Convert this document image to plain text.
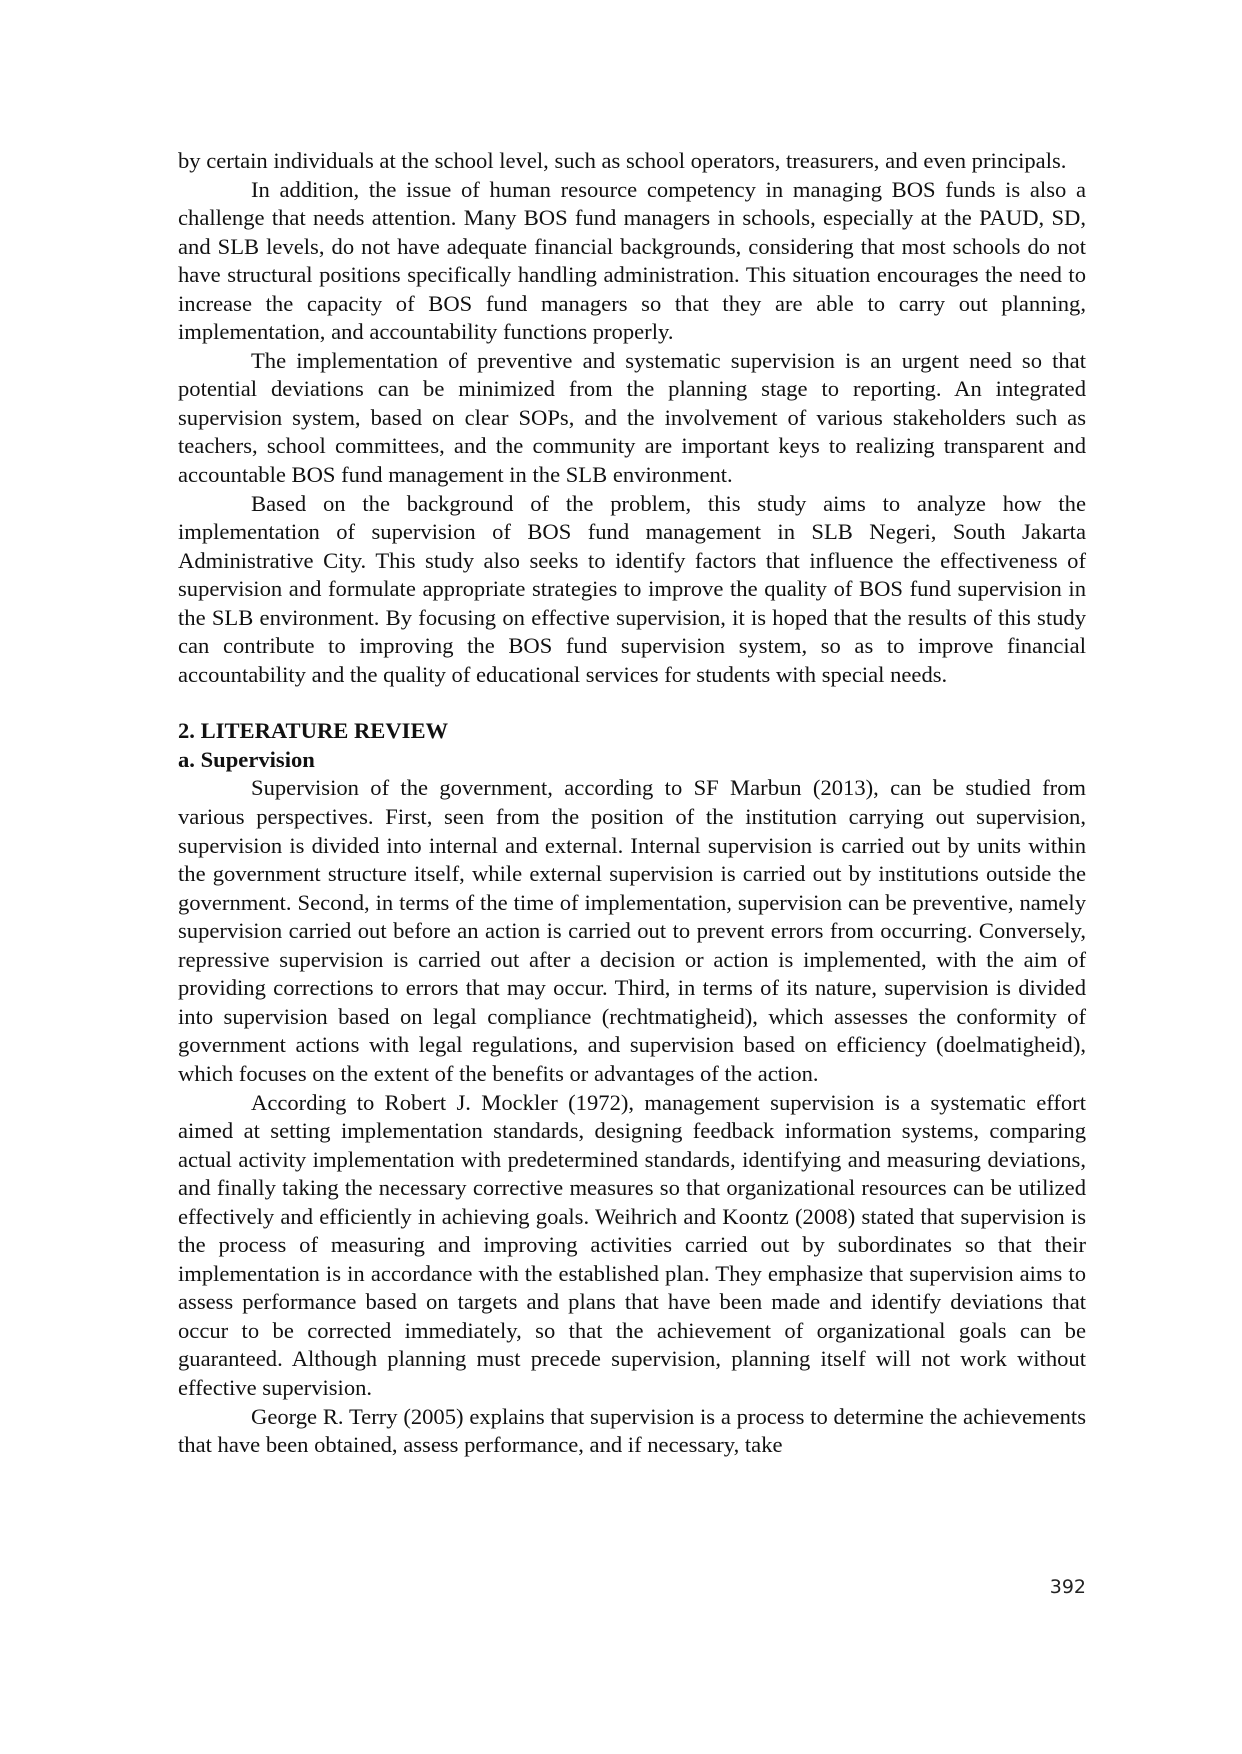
by certain individuals at the school level, such as school operators, treasurers, and even principals.

In addition, the issue of human resource competency in managing BOS funds is also a challenge that needs attention. Many BOS fund managers in schools, especially at the PAUD, SD, and SLB levels, do not have adequate financial backgrounds, considering that most schools do not have structural positions specifically handling administration. This situation encourages the need to increase the capacity of BOS fund managers so that they are able to carry out planning, implementation, and accountability functions properly.

The implementation of preventive and systematic supervision is an urgent need so that potential deviations can be minimized from the planning stage to reporting. An integrated supervision system, based on clear SOPs, and the involvement of various stakeholders such as teachers, school committees, and the community are important keys to realizing transparent and accountable BOS fund management in the SLB environment.

Based on the background of the problem, this study aims to analyze how the implementation of supervision of BOS fund management in SLB Negeri, South Jakarta Administrative City. This study also seeks to identify factors that influence the effectiveness of supervision and formulate appropriate strategies to improve the quality of BOS fund supervision in the SLB environment. By focusing on effective supervision, it is hoped that the results of this study can contribute to improving the BOS fund supervision system, so as to improve financial accountability and the quality of educational services for students with special needs.

2. LITERATURE REVIEW

a. Supervision

Supervision of the government, according to SF Marbun (2013), can be studied from various perspectives. First, seen from the position of the institution carrying out supervision, supervision is divided into internal and external. Internal supervision is carried out by units within the government structure itself, while external supervision is carried out by institutions outside the government. Second, in terms of the time of implementation, supervision can be preventive, namely supervision carried out before an action is carried out to prevent errors from occurring. Conversely, repressive supervision is carried out after a decision or action is implemented, with the aim of providing corrections to errors that may occur. Third, in terms of its nature, supervision is divided into supervision based on legal compliance (rechtmatigheid), which assesses the conformity of government actions with legal regulations, and supervision based on efficiency (doelmatigheid), which focuses on the extent of the benefits or advantages of the action.

According to Robert J. Mockler (1972), management supervision is a systematic effort aimed at setting implementation standards, designing feedback information systems, comparing actual activity implementation with predetermined standards, identifying and measuring deviations, and finally taking the necessary corrective measures so that organizational resources can be utilized effectively and efficiently in achieving goals. Weihrich and Koontz (2008) stated that supervision is the process of measuring and improving activities carried out by subordinates so that their implementation is in accordance with the established plan. They emphasize that supervision aims to assess performance based on targets and plans that have been made and identify deviations that occur to be corrected immediately, so that the achievement of organizational goals can be guaranteed. Although planning must precede supervision, planning itself will not work without effective supervision.

George R. Terry (2005) explains that supervision is a process to determine the achievements that have been obtained, assess performance, and if necessary, take

392
